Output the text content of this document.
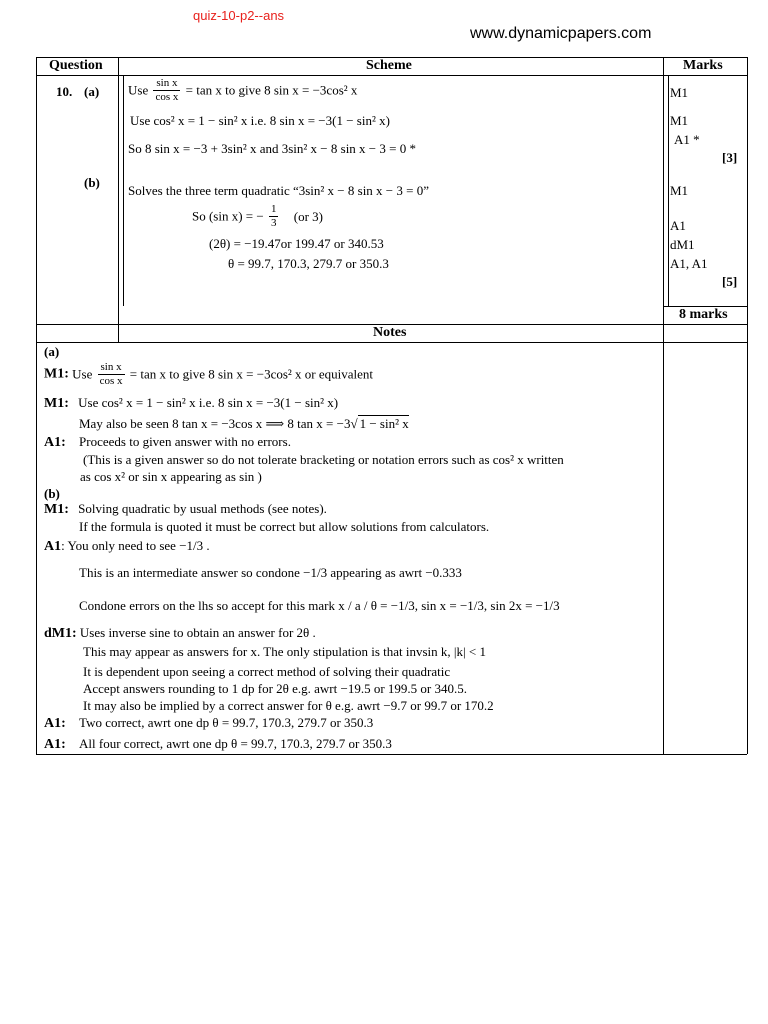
quiz-10-p2--ans
www.dynamicpapers.com
Question	Scheme	Marks
10. (a)
(b)
Use $\frac{\text{sin x}}{\text{cos x}} = \tan x$ to give 8 sin x = −3cos² x
Use cos² x = 1 − sin² x i.e. 8 sin x = −3(1 − sin² x)
So 8 sin x = −3 + 3sin² x and 3sin² x − 8 sin x − 3 = 0 *
Solves the three term quadratic “3sin² x − 8 sin x − 3 = 0”
So (sin x) = − $\frac{1}{3} (or$ 3)
(2θ) = −19.47or 199.47 or 340.53
θ = 99.7, 170.3, 279.7 or 350.3
M1
M1
A1 *
[3]
M1
A1
dM1
A1, A1
[5]
8 marks
Notes
(a)
M1: Use $\frac{\text{sin x}}{\text{cos x}} = \tan x$ to give 8 sin x = −3cos² x or equivalent
M1: Use cos² x = 1 − sin² x i.e. 8 sin x = −3(1 − sin² x)
May also be seen 8 tan x = −3cos x ⟹ 8 tan x = −3√ 1 − sin² x
A1: Proceeds to given answer with no errors.
(This is a given answer so do not tolerate bracketing or notation errors such as cos² x written
as cos x² or sin x appearing as sin )
(b)
M1: Solving quadratic by usual methods (see notes).
If the formula is quoted it must be correct but allow solutions from calculators.
A1: You only need to see −1/3 .
This is an intermediate answer so condone −1/3 appearing as awrt −0.333
Condone errors on the lhs so accept for this mark x / a / θ = −1/3, sin x = −1/3, sin 2x = −1/3
dM1: Uses inverse sine to obtain an answer for 2θ .
This may appear as answers for x. The only stipulation is that invsin k, |k| < 1
It is dependent upon seeing a correct method of solving their quadratic
Accept answers rounding to 1 dp for 2θ e.g. awrt −19.5 or 199.5 or 340.5.
It may also be implied by a correct answer for θ e.g. awrt −9.7 or 99.7 or 170.2
A1: Two correct, awrt one dp θ = 99.7, 170.3, 279.7 or 350.3
A1: All four correct, awrt one dp θ = 99.7, 170.3, 279.7 or 350.3
